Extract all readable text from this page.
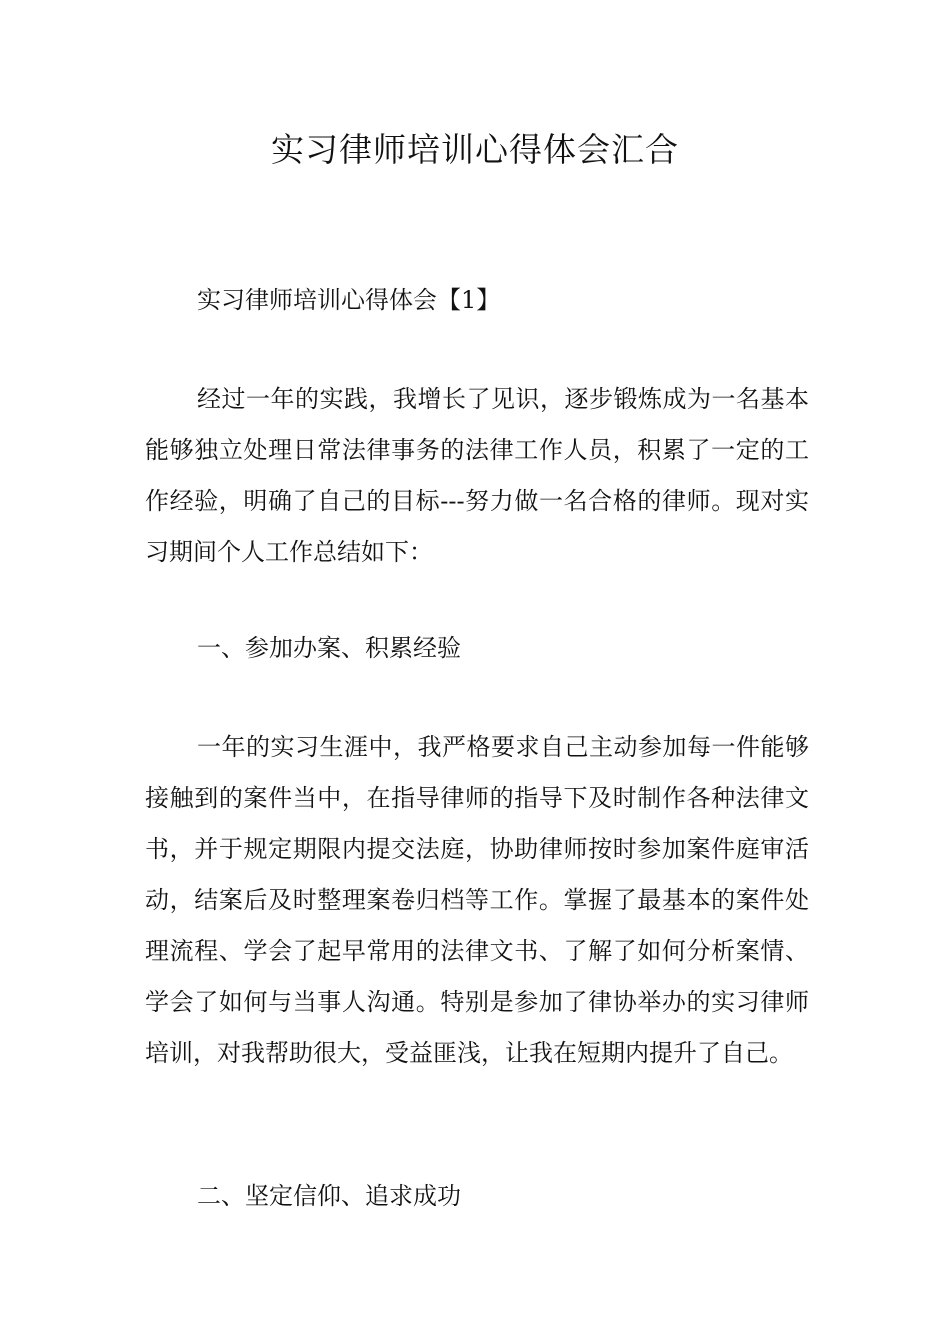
实习律师培训心得体会汇合

实习律师培训心得体会【1】

经过一年的实践，我增长了见识，逐步锻炼成为一名基本能够独立处理日常法律事务的法律工作人员，积累了一定的工作经验，明确了自己的目标---努力做一名合格的律师。现对实习期间个人工作总结如下：

一、参加办案、积累经验

一年的实习生涯中，我严格要求自己主动参加每一件能够接触到的案件当中，在指导律师的指导下及时制作各种法律文书，并于规定期限内提交法庭，协助律师按时参加案件庭审活动，结案后及时整理案卷归档等工作。掌握了最基本的案件处理流程、学会了起早常用的法律文书、了解了如何分析案情、学会了如何与当事人沟通。特别是参加了律协举办的实习律师培训，对我帮助很大，受益匪浅，让我在短期内提升了自己。

二、坚定信仰、追求成功
